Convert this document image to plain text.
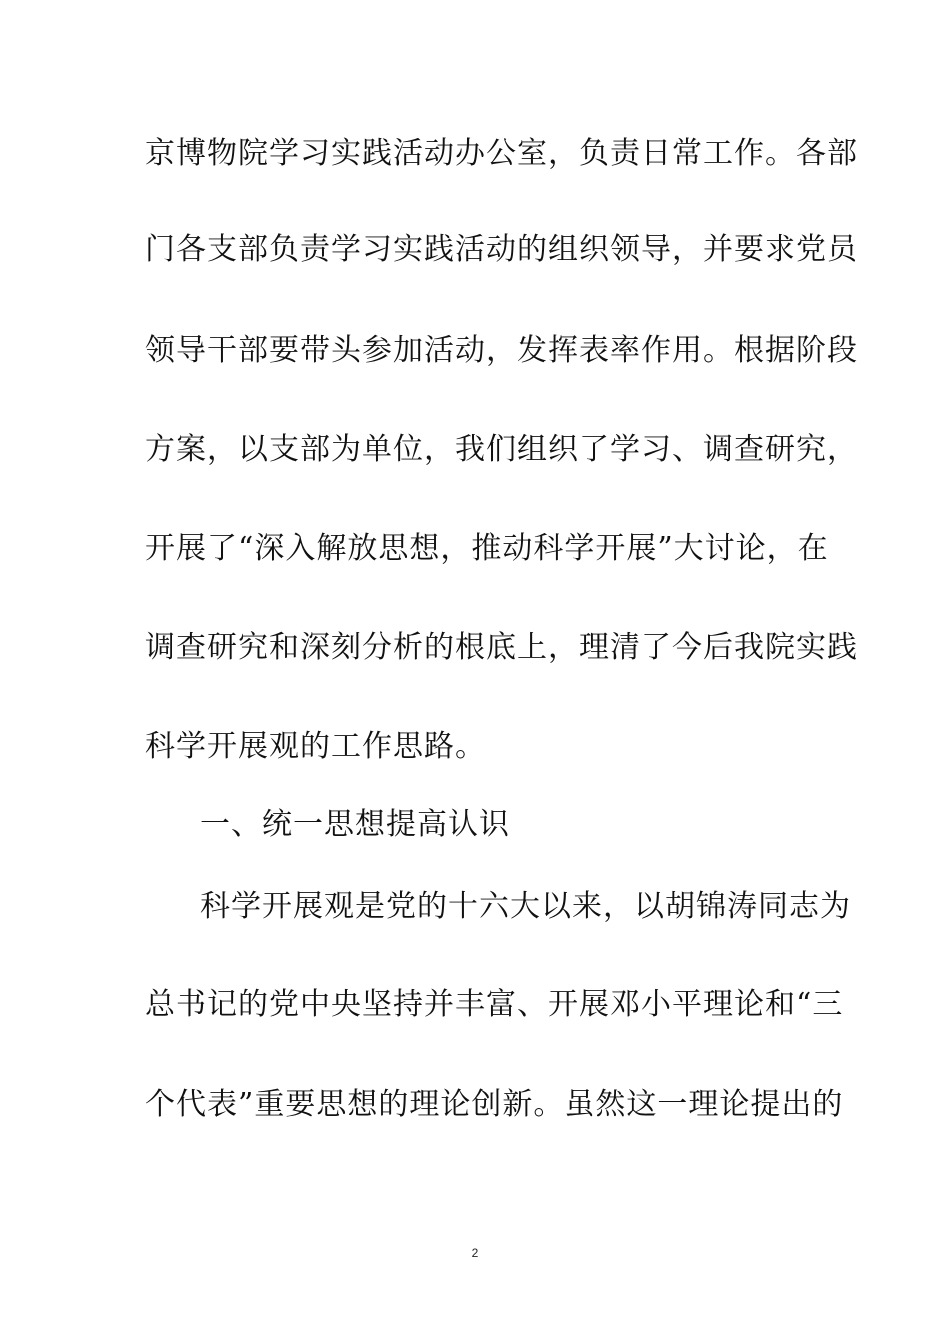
京博物院学习实践活动办公室，负责日常工作。各部
门各支部负责学习实践活动的组织领导，并要求党员
领导干部要带头参加活动，发挥表率作用。根据阶段
方案，以支部为单位，我们组织了学习、调查研究，
开展了“深入解放思想，推动科学开展”大讨论，在
调查研究和深刻分析的根底上，理清了今后我院实践
科学开展观的工作思路。
一、统一思想提高认识
科学开展观是党的十六大以来，以胡锦涛同志为
总书记的党中央坚持并丰富、开展邓小平理论和“三
个代表”重要思想的理论创新。虽然这一理论提出的
2
